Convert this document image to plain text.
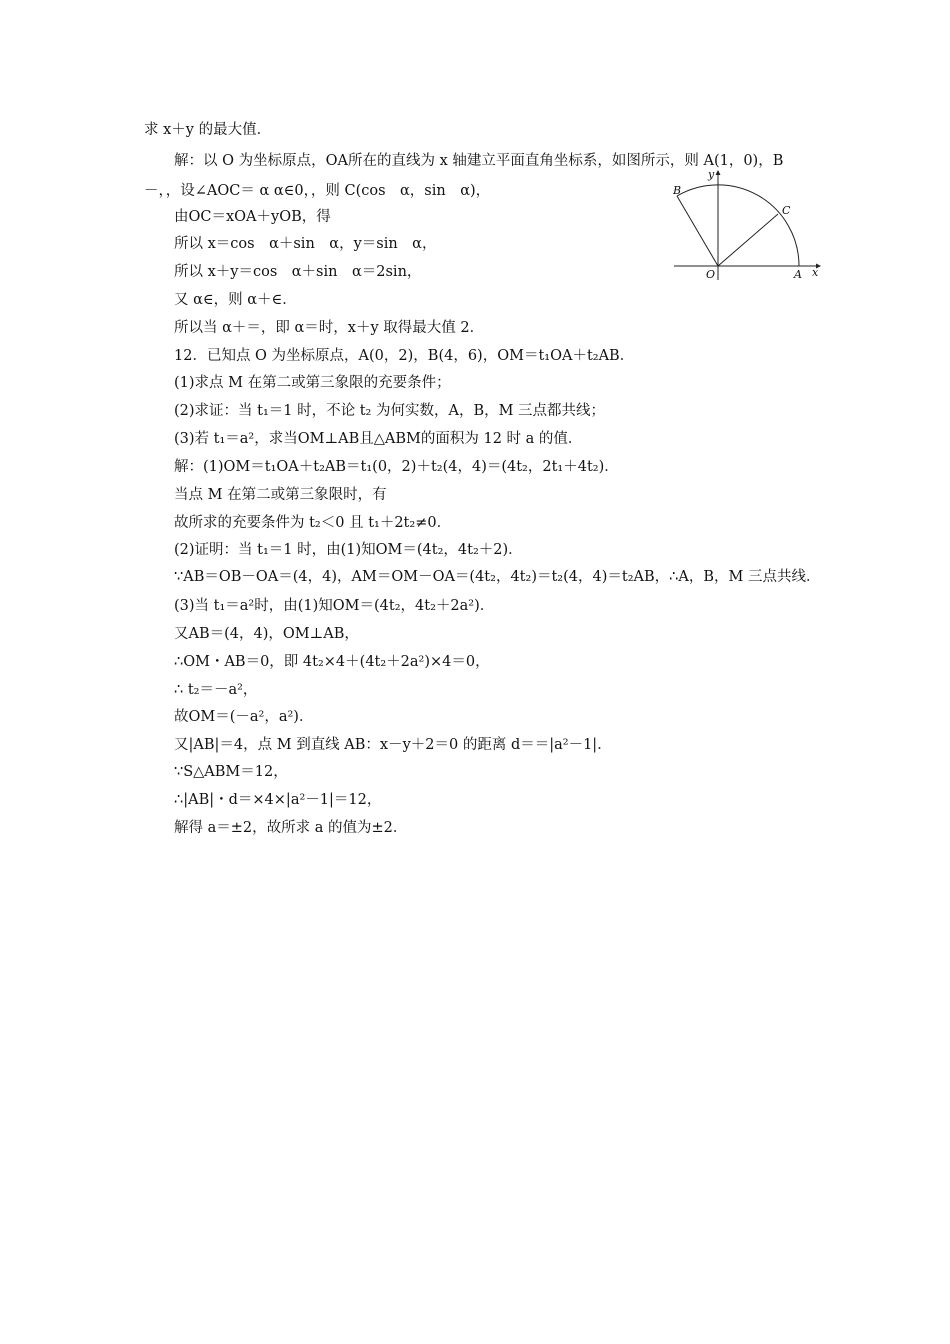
求 x＋y 的最大值．
解：以 O 为坐标原点，OA所在的直线为 x 轴建立平面直角坐标系，如图所示，则 A(1，0)，B
－，，设∠AOC＝ α α∈0，，则 C(cos　α，sin　α)，
由OC＝xOA＋yOB，得
所以 x＝cos　α＋sin　α，y＝sin　α，
所以 x＋y＝cos　α＋sin　α＝2sin，
又 α∈，则 α＋∈．
所以当 α＋＝，即 α＝时，x＋y 取得最大值 2．
12．已知点 O 为坐标原点，A(0，2)，B(4，6)，OM＝t₁OA＋t₂AB．
(1)求点 M 在第二或第三象限的充要条件；
(2)求证：当 t₁＝1 时，不论 t₂ 为何实数，A，B，M 三点都共线；
(3)若 t₁＝a²，求当OM⊥AB且△ABM的面积为 12 时 a 的值．
解：(1)OM＝t₁OA＋t₂AB＝t₁(0，2)＋t₂(4，4)＝(4t₂，2t₁＋4t₂)．
当点 M 在第二或第三象限时，有
故所求的充要条件为 t₂＜0 且 t₁＋2t₂≠0．
(2)证明：当 t₁＝1 时，由(1)知OM＝(4t₂，4t₂＋2)．
∵AB＝OB－OA＝(4，4)，AM＝OM－OA＝(4t₂，4t₂)＝t₂(4，4)＝t₂AB，∴A，B，M 三点共线．
(3)当 t₁＝a²时，由(1)知OM＝(4t₂，4t₂＋2a²)．
又AB＝(4，4)，OM⊥AB，
∴OM・AB＝0，即 4t₂×4＋(4t₂＋2a²)×4＝0，
∴ t₂＝－a²，
故OM＝(－a²，a²)．
又|AB|＝4，点 M 到直线 AB：x－y＋2＝0 的距离 d＝＝|a²－1|．
∵S△ABM＝12，
∴|AB|・d＝×4×|a²－1|＝12，
解得 a＝±2，故所求 a 的值为±2．
y
x
B
C
O	A
